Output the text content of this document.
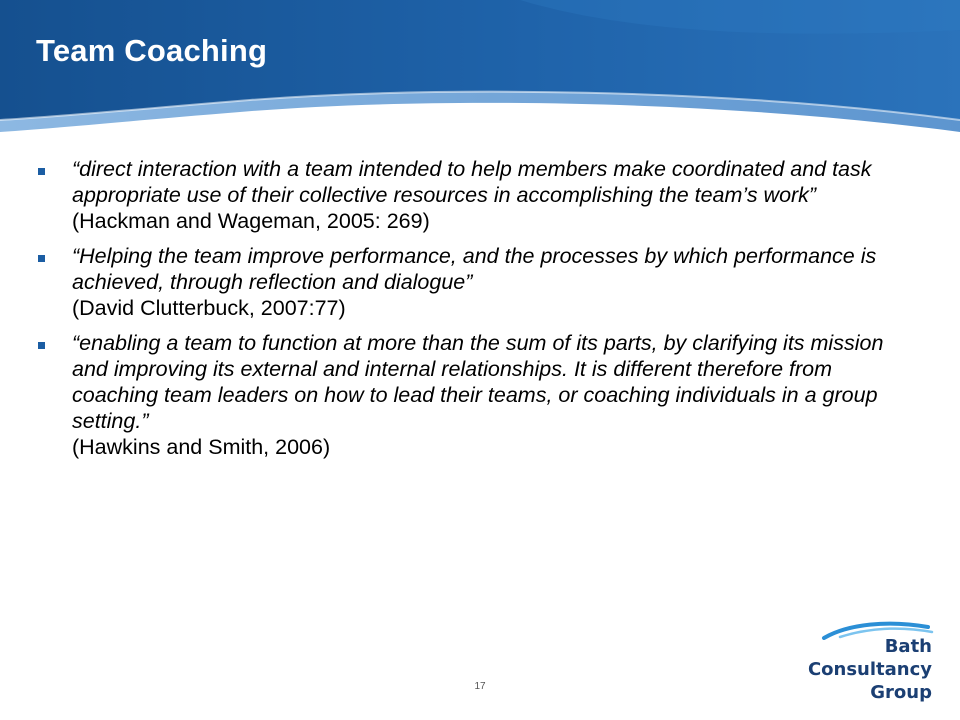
Team Coaching
“direct interaction with a team intended to help members make coordinated and task appropriate use of their collective resources in accomplishing the team’s work”
(Hackman and Wageman, 2005: 269)
“Helping the team improve performance, and the processes by which performance is achieved, through reflection and dialogue”
(David Clutterbuck, 2007:77)
“enabling a team to function at more than the sum of its parts, by clarifying its mission and improving its external and internal relationships. It is different therefore from coaching team leaders on how to lead their teams, or coaching individuals in a group setting.”
(Hawkins and Smith, 2006)
17
Bath
Consultancy
Group
